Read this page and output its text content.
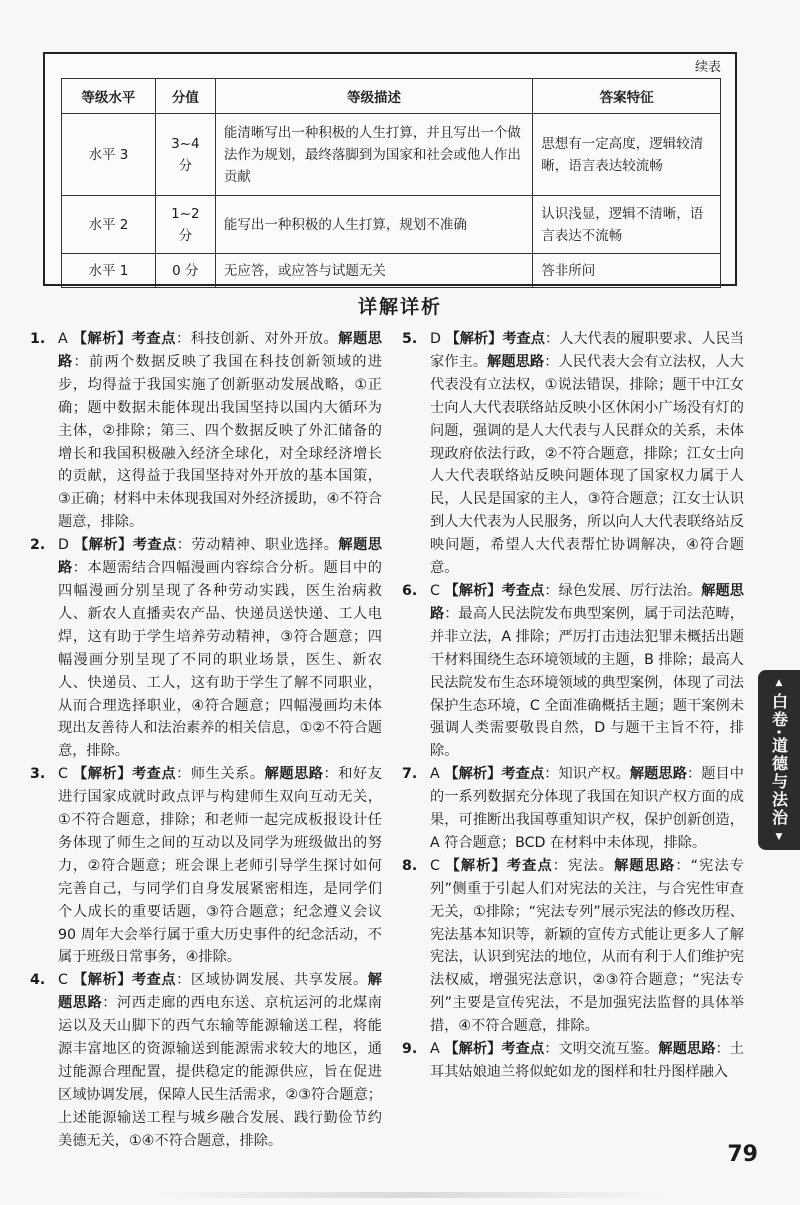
续表
等级水平	分值	等级描述	答案特征
水平 3	3~4 分	能清晰写出一种积极的人生打算，并且写出一个做法作为规划，最终落脚到为国家和社会或他人作出贡献	思想有一定高度，逻辑较清晰，语言表达较流畅
水平 2	1~2 分	能写出一种积极的人生打算，规划不准确	认识浅显，逻辑不清晰，语言表达不流畅
水平 1	0 分	无应答，或应答与试题无关	答非所问
详解详析
1. A 【解析】考查点：科技创新、对外开放。解题思路：前两个数据反映了我国在科技创新领域的进步，均得益于我国实施了创新驱动发展战略，①正确；题中数据未能体现出我国坚持以国内大循环为主体，②排除；第三、四个数据反映了外汇储备的增长和我国积极融入经济全球化，对全球经济增长的贡献，这得益于我国坚持对外开放的基本国策，③正确；材料中未体现我国对外经济援助，④不符合题意，排除。
2. D 【解析】考查点：劳动精神、职业选择。解题思路：本题需结合四幅漫画内容综合分析。题目中的四幅漫画分别呈现了各种劳动实践，医生治病救人、新农人直播卖农产品、快递员送快递、工人电焊，这有助于学生培养劳动精神，③符合题意；四幅漫画分别呈现了不同的职业场景，医生、新农人、快递员、工人，这有助于学生了解不同职业，从而合理选择职业，④符合题意；四幅漫画均未体现出友善待人和法治素养的相关信息，①②不符合题意，排除。
3. C 【解析】考查点：师生关系。解题思路：和好友进行国家成就时政点评与构建师生双向互动无关，①不符合题意，排除；和老师一起完成板报设计任务体现了师生之间的互动以及同学为班级做出的努力，②符合题意；班会课上老师引导学生探讨如何完善自己，与同学们自身发展紧密相连，是同学们个人成长的重要话题，③符合题意；纪念遵义会议 90 周年大会举行属于重大历史事件的纪念活动，不属于班级日常事务，④排除。
4. C 【解析】考查点：区域协调发展、共享发展。解题思路：河西走廊的西电东送、京杭运河的北煤南运以及天山脚下的西气东输等能源输送工程，将能源丰富地区的资源输送到能源需求较大的地区，通过能源合理配置，提供稳定的能源供应，旨在促进区域协调发展，保障人民生活需求，②③符合题意；上述能源输送工程与城乡融合发展、践行勤俭节约美德无关，①④不符合题意，排除。
5. D 【解析】考查点：人大代表的履职要求、人民当家作主。解题思路：人民代表大会有立法权，人大代表没有立法权，①说法错误，排除；题干中江女士向人大代表联络站反映小区休闲小广场没有灯的问题，强调的是人大代表与人民群众的关系，未体现政府依法行政，②不符合题意，排除；江女士向人大代表联络站反映问题体现了国家权力属于人民，人民是国家的主人，③符合题意；江女士认识到人大代表为人民服务，所以向人大代表联络站反映问题，希望人大代表帮忙协调解决，④符合题意。
6. C 【解析】考查点：绿色发展、厉行法治。解题思路：最高人民法院发布典型案例，属于司法范畴，并非立法，A 排除；严厉打击违法犯罪未概括出题干材料围绕生态环境领域的主题，B 排除；最高人民法院发布生态环境领域的典型案例，体现了司法保护生态环境，C 全面准确概括主题；题干案例未强调人类需要敬畏自然，D 与题干主旨不符，排除。
7. A 【解析】考查点：知识产权。解题思路：题目中的一系列数据充分体现了我国在知识产权方面的成果，可推断出我国尊重知识产权，保护创新创造，A 符合题意；BCD 在材料中未体现，排除。
8. C 【解析】考查点：宪法。解题思路：“宪法专列”侧重于引起人们对宪法的关注，与合宪性审查无关，①排除；“宪法专列”展示宪法的修改历程、宪法基本知识等，新颖的宣传方式能让更多人了解宪法，认识到宪法的地位，从而有利于人们维护宪法权威，增强宪法意识，②③符合题意；“宪法专列”主要是宣传宪法，不是加强宪法监督的具体举措，④不符合题意，排除。
9. A 【解析】考查点：文明交流互鉴。解题思路：土耳其姑娘迪兰将似蛇如龙的图样和牡丹图样融入
▲
白卷·道德与法治
▼
79
